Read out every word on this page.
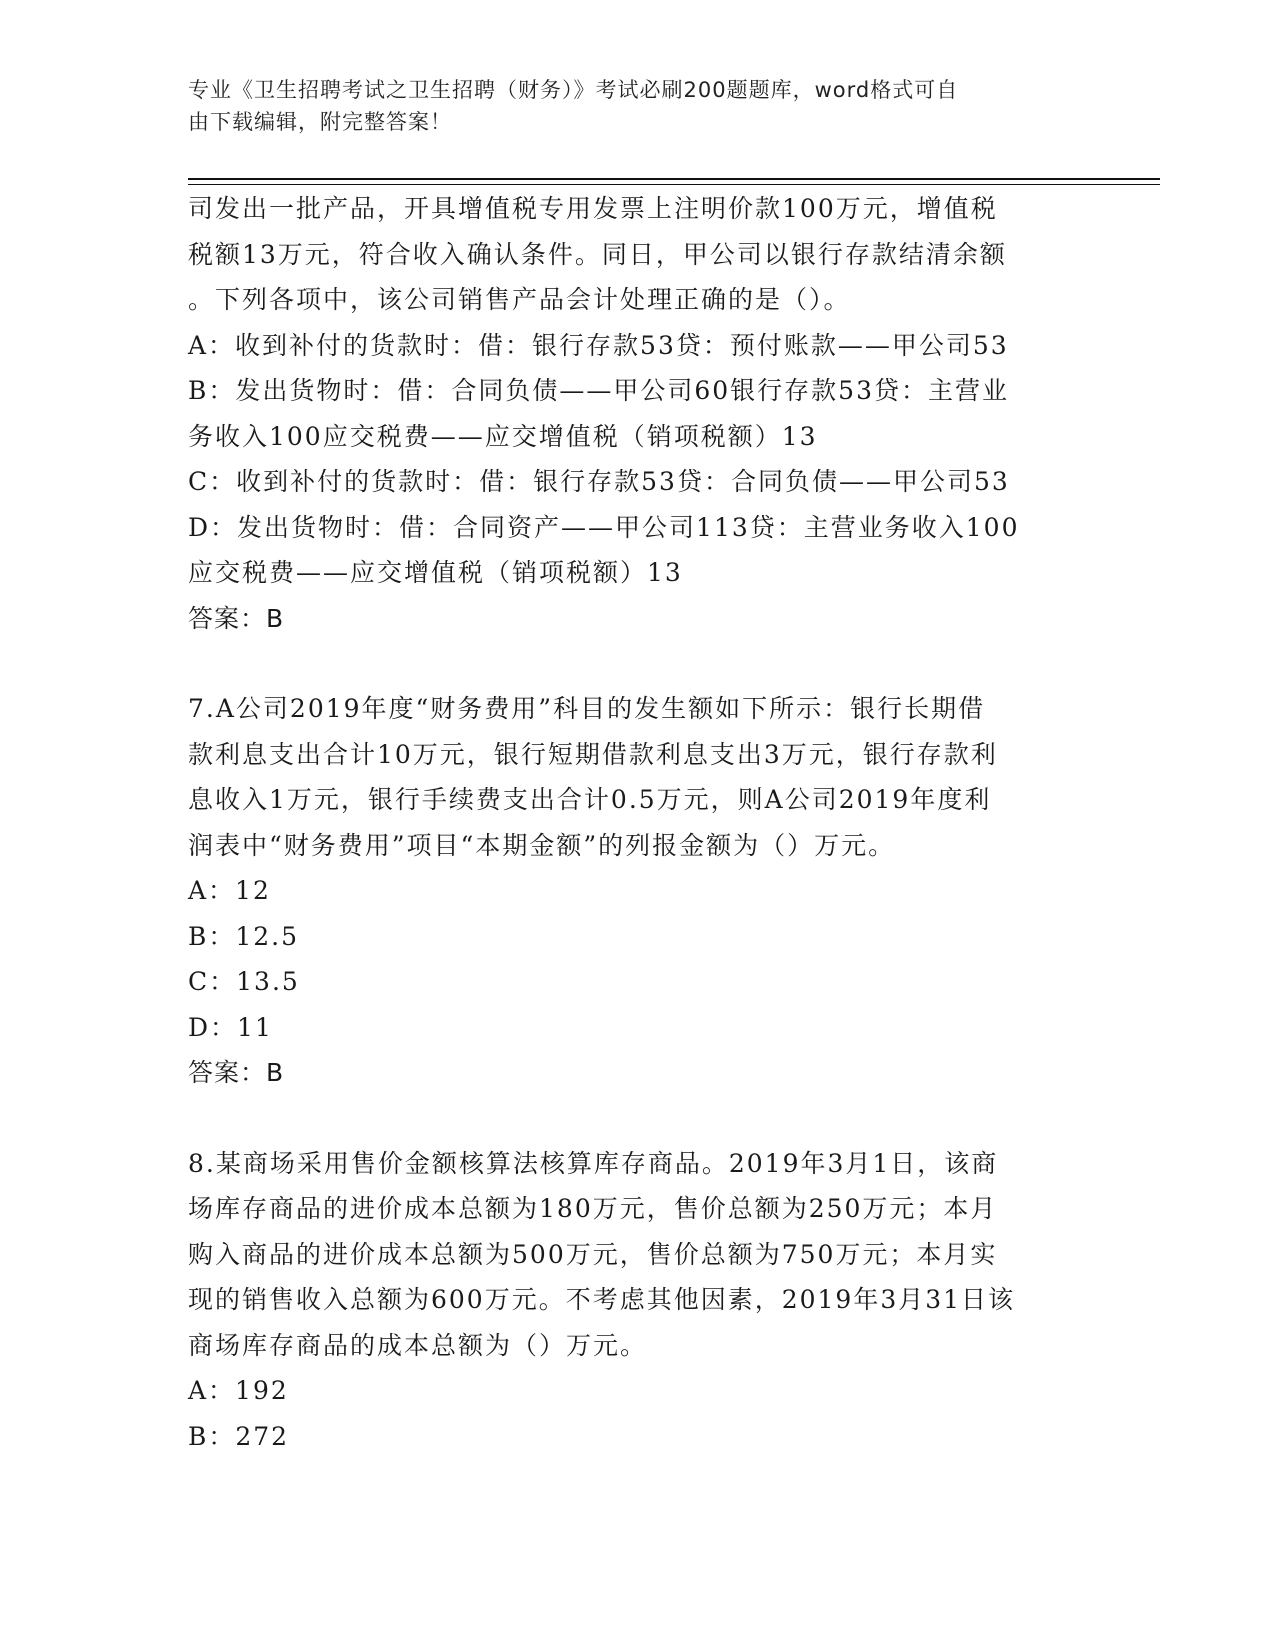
专业《卫生招聘考试之卫生招聘（财务）》考试必刷200题题库，word格式可自
由下载编辑，附完整答案！
司发出一批产品，开具增值税专用发票上注明价款100万元，增值税
税额13万元，符合收入确认条件。同日，甲公司以银行存款结清余额
。下列各项中，该公司销售产品会计处理正确的是（）。
A：收到补付的货款时：借：银行存款53贷：预付账款——甲公司53
B：发出货物时：借：合同负债——甲公司60银行存款53贷：主营业
务收入100应交税费——应交增值税（销项税额）13
C：收到补付的货款时：借：银行存款53贷：合同负债——甲公司53
D：发出货物时：借：合同资产——甲公司113贷：主营业务收入100
应交税费——应交增值税（销项税额）13
答案：B
7.A公司2019年度“财务费用”科目的发生额如下所示：银行长期借
款利息支出合计10万元，银行短期借款利息支出3万元，银行存款利
息收入1万元，银行手续费支出合计0.5万元，则A公司2019年度利
润表中“财务费用”项目“本期金额”的列报金额为（）万元。
A：12
B：12.5
C：13.5
D：11
答案：B
8.某商场采用售价金额核算法核算库存商品。2019年3月1日，该商
场库存商品的进价成本总额为180万元，售价总额为250万元；本月
购入商品的进价成本总额为500万元，售价总额为750万元；本月实
现的销售收入总额为600万元。不考虑其他因素，2019年3月31日该
商场库存商品的成本总额为（）万元。
A：192
B：272
